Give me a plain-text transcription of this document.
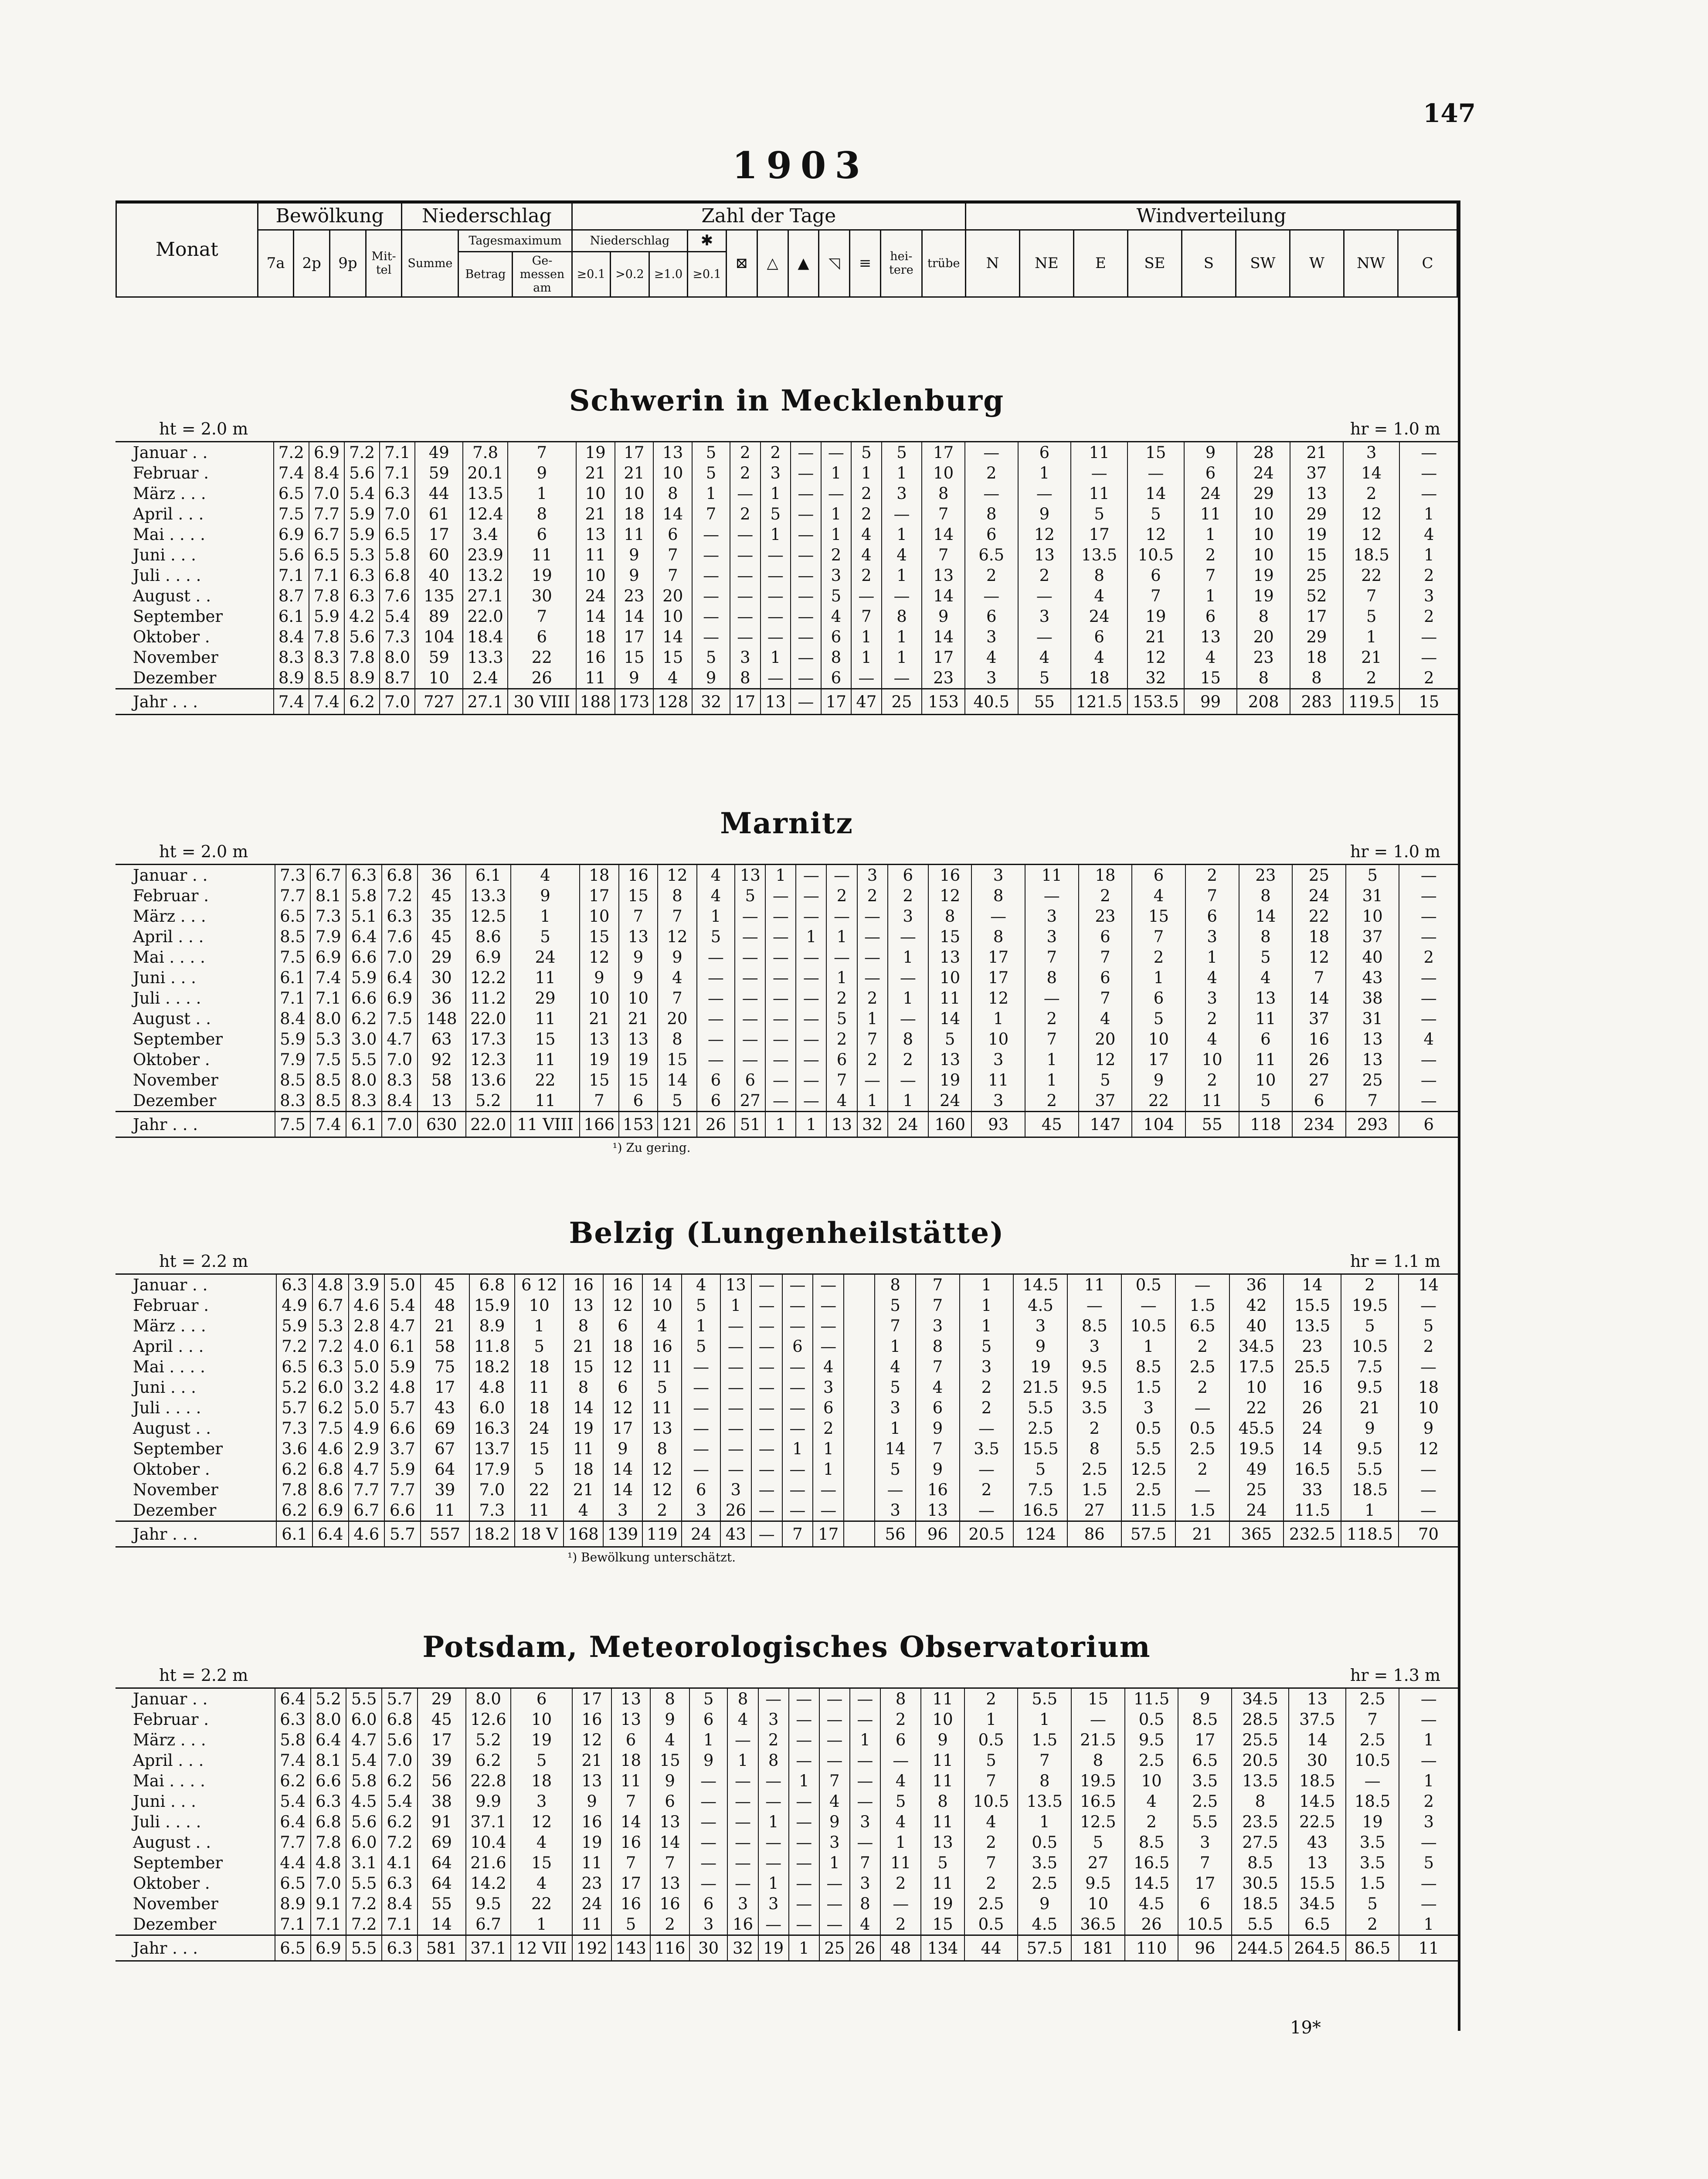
147
1903
Monat	Bewölkung				Niederschlag			Zahl der Tage											Windverteilung								
	7a	2p	9p	Mit-tel	Summe	Tagesmaximum		Niederschlag			✱	⊠	△	▲	◹	≡	hei-tere	trübe	N	NE	E	SE	S	SW	W	NW	C
						Betrag	Ge-messen am	≥0.1	>0.2	≥1.0	≥0.1																
Schwerin in Mecklenburg
ht = 2.0 m	hr = 1.0 m
Januar . .	7.2	6.9	7.2	7.1	49	7.8	7	19	17	13	5	2	2	—	—	5	5	17	—	6	11	15	9	28	21	3	—
Februar .	7.4	8.4	5.6	7.1	59	20.1	9	21	21	10	5	2	3	—	1	1	1	10	2	1	—	—	6	24	37	14	—
März . . .	6.5	7.0	5.4	6.3	44	13.5	1	10	10	8	1	—	1	—	—	2	3	8	—	—	11	14	24	29	13	2	—
April . . .	7.5	7.7	5.9	7.0	61	12.4	8	21	18	14	7	2	5	—	1	2	—	7	8	9	5	5	11	10	29	12	1
Mai . . . .	6.9	6.7	5.9	6.5	17	3.4	6	13	11	6	—	—	1	—	1	4	1	14	6	12	17	12	1	10	19	12	4
Juni . . .	5.6	6.5	5.3	5.8	60	23.9	11	11	9	7	—	—	—	—	2	4	4	7	6.5	13	13.5	10.5	2	10	15	18.5	1
Juli . . . .	7.1	7.1	6.3	6.8	40	13.2	19	10	9	7	—	—	—	—	3	2	1	13	2	2	8	6	7	19	25	22	2
August . .	8.7	7.8	6.3	7.6	135	27.1	30	24	23	20	—	—	—	—	5	—	—	14	—	—	4	7	1	19	52	7	3
September	6.1	5.9	4.2	5.4	89	22.0	7	14	14	10	—	—	—	—	4	7	8	9	6	3	24	19	6	8	17	5	2
Oktober .	8.4	7.8	5.6	7.3	104	18.4	6	18	17	14	—	—	—	—	6	1	1	14	3	—	6	21	13	20	29	1	—
November	8.3	8.3	7.8	8.0	59	13.3	22	16	15	15	5	3	1	—	8	1	1	17	4	4	4	12	4	23	18	21	—
Dezember	8.9	8.5	8.9	8.7	10	2.4	26	11	9	4	9	8	—	—	6	—	—	23	3	5	18	32	15	8	8	2	2
Jahr . . .	7.4	7.4	6.2	7.0	727	27.1	30 VIII	188	173	128	32	17	13	—	17	47	25	153	40.5	55	121.5	153.5	99	208	283	119.5	15
Marnitz
ht = 2.0 m	hr = 1.0 m
Januar . .	7.3	6.7	6.3	6.8	36	6.1	4	18	16	12	4	13	1	—	—	3	6	16	3	11	18	6	2	23	25	5	—
Februar .	7.7	8.1	5.8	7.2	45	13.3	9	17	15	8	4	5	—	—	2	2	2	12	8	—	2	4	7	8	24	31	—
März . . .	6.5	7.3	5.1	6.3	35	12.5	1	10	7	7	1	—	—	—	—	—	3	8	—	3	23	15	6	14	22	10	—
April . . .	8.5	7.9	6.4	7.6	45	8.6	5	15	13	12	5	—	—	1	1	—	—	15	8	3	6	7	3	8	18	37	—
Mai . . . .	7.5	6.9	6.6	7.0	29	6.9	24	12	9	9	—	—	—	—	—	—	1	13	17	7	7	2	1	5	12	40	2
Juni . . .	6.1	7.4	5.9	6.4	30	12.2	11	9	9	4	—	—	—	—	1	—	—	10	17	8	6	1	4	4	7	43	—
Juli . . . .	7.1	7.1	6.6	6.9	36	11.2	29	10	10	7	—	—	—	—	2	2	1	11	12	—	7	6	3	13	14	38	—
August . .	8.4	8.0	6.2	7.5	148	22.0	11	21	21	20	—	—	—	—	5	1	—	14	1	2	4	5	2	11	37	31	—
September	5.9	5.3	3.0	4.7	63	17.3	15	13	13	8	—	—	—	—	2	7	8	5	10	7	20	10	4	6	16	13	4
Oktober .	7.9	7.5	5.5	7.0	92	12.3	11	19	19	15	—	—	—	—	6	2	2	13	3	1	12	17	10	11	26	13	—
November	8.5	8.5	8.0	8.3	58	13.6	22	15	15	14	6	6	—	—	7	—	—	19	11	1	5	9	2	10	27	25	—
Dezember	8.3	8.5	8.3	8.4	13	5.2	11	7	6	5	6	27	—	—	4	1	1	24	3	2	37	22	11	5	6	7	—
Jahr . . .	7.5	7.4	6.1	7.0	630	22.0	11 VIII	166	153	121	26	51	1	1	13	32	24	160	93	45	147	104	55	118	234	293	6
¹) Zu gering.
Belzig (Lungenheilstätte)
ht = 2.2 m	hr = 1.1 m
Januar . .	6.3	4.8	3.9	5.0	45	6.8	6 12	16	16	14	4	13	—	—	—		8	7	1	14.5	11	0.5	—	36	14	2	14
Februar .	4.9	6.7	4.6	5.4	48	15.9	10	13	12	10	5	1	—	—	—		5	7	1	4.5	—	—	1.5	42	15.5	19.5	—
März . . .	5.9	5.3	2.8	4.7	21	8.9	1	8	6	4	1	—	—	—	—		7	3	1	3	8.5	10.5	6.5	40	13.5	5	5
April . . .	7.2	7.2	4.0	6.1	58	11.8	5	21	18	16	5	—	—	6	—		1	8	5	9	3	1	2	34.5	23	10.5	2
Mai . . . .	6.5	6.3	5.0	5.9	75	18.2	18	15	12	11	—	—	—	—	4		4	7	3	19	9.5	8.5	2.5	17.5	25.5	7.5	—
Juni . . .	5.2	6.0	3.2	4.8	17	4.8	11	8	6	5	—	—	—	—	3		5	4	2	21.5	9.5	1.5	2	10	16	9.5	18
Juli . . . .	5.7	6.2	5.0	5.7	43	6.0	18	14	12	11	—	—	—	—	6		3	6	2	5.5	3.5	3	—	22	26	21	10
August . .	7.3	7.5	4.9	6.6	69	16.3	24	19	17	13	—	—	—	—	2		1	9	—	2.5	2	0.5	0.5	45.5	24	9	9
September	3.6	4.6	2.9	3.7	67	13.7	15	11	9	8	—	—	—	1	1		14	7	3.5	15.5	8	5.5	2.5	19.5	14	9.5	12
Oktober .	6.2	6.8	4.7	5.9	64	17.9	5	18	14	12	—	—	—	—	1		5	9	—	5	2.5	12.5	2	49	16.5	5.5	—
November	7.8	8.6	7.7	7.7	39	7.0	22	21	14	12	6	3	—	—	—		—	16	2	7.5	1.5	2.5	—	25	33	18.5	—
Dezember	6.2	6.9	6.7	6.6	11	7.3	11	4	3	2	3	26	—	—	—		3	13	—	16.5	27	11.5	1.5	24	11.5	1	—
Jahr . . .	6.1	6.4	4.6	5.7	557	18.2	18 V	168	139	119	24	43	—	7	17		56	96	20.5	124	86	57.5	21	365	232.5	118.5	70
¹) Bewölkung unterschätzt.
Potsdam, Meteorologisches Observatorium
ht = 2.2 m	hr = 1.3 m
Januar . .	6.4	5.2	5.5	5.7	29	8.0	6	17	13	8	5	8	—	—	—	—	8	11	2	5.5	15	11.5	9	34.5	13	2.5	—
Februar .	6.3	8.0	6.0	6.8	45	12.6	10	16	13	9	6	4	3	—	—	—	2	10	1	1	—	0.5	8.5	28.5	37.5	7	—
März . . .	5.8	6.4	4.7	5.6	17	5.2	19	12	6	4	1	—	2	—	—	1	6	9	0.5	1.5	21.5	9.5	17	25.5	14	2.5	1
April . . .	7.4	8.1	5.4	7.0	39	6.2	5	21	18	15	9	1	8	—	—	—	—	11	5	7	8	2.5	6.5	20.5	30	10.5	—
Mai . . . .	6.2	6.6	5.8	6.2	56	22.8	18	13	11	9	—	—	—	1	7	—	4	11	7	8	19.5	10	3.5	13.5	18.5	—	1
Juni . . .	5.4	6.3	4.5	5.4	38	9.9	3	9	7	6	—	—	—	—	4	—	5	8	10.5	13.5	16.5	4	2.5	8	14.5	18.5	2
Juli . . . .	6.4	6.8	5.6	6.2	91	37.1	12	16	14	13	—	—	1	—	9	3	4	11	4	1	12.5	2	5.5	23.5	22.5	19	3
August . .	7.7	7.8	6.0	7.2	69	10.4	4	19	16	14	—	—	—	—	3	—	1	13	2	0.5	5	8.5	3	27.5	43	3.5	—
September	4.4	4.8	3.1	4.1	64	21.6	15	11	7	7	—	—	—	—	1	7	11	5	7	3.5	27	16.5	7	8.5	13	3.5	5
Oktober .	6.5	7.0	5.5	6.3	64	14.2	4	23	17	13	—	—	1	—	—	3	2	11	2	2.5	9.5	14.5	17	30.5	15.5	1.5	—
November	8.9	9.1	7.2	8.4	55	9.5	22	24	16	16	6	3	3	—	—	8	—	19	2.5	9	10	4.5	6	18.5	34.5	5	—
Dezember	7.1	7.1	7.2	7.1	14	6.7	1	11	5	2	3	16	—	—	—	4	2	15	0.5	4.5	36.5	26	10.5	5.5	6.5	2	1
Jahr . . .	6.5	6.9	5.5	6.3	581	37.1	12 VII	192	143	116	30	32	19	1	25	26	48	134	44	57.5	181	110	96	244.5	264.5	86.5	11
19*
